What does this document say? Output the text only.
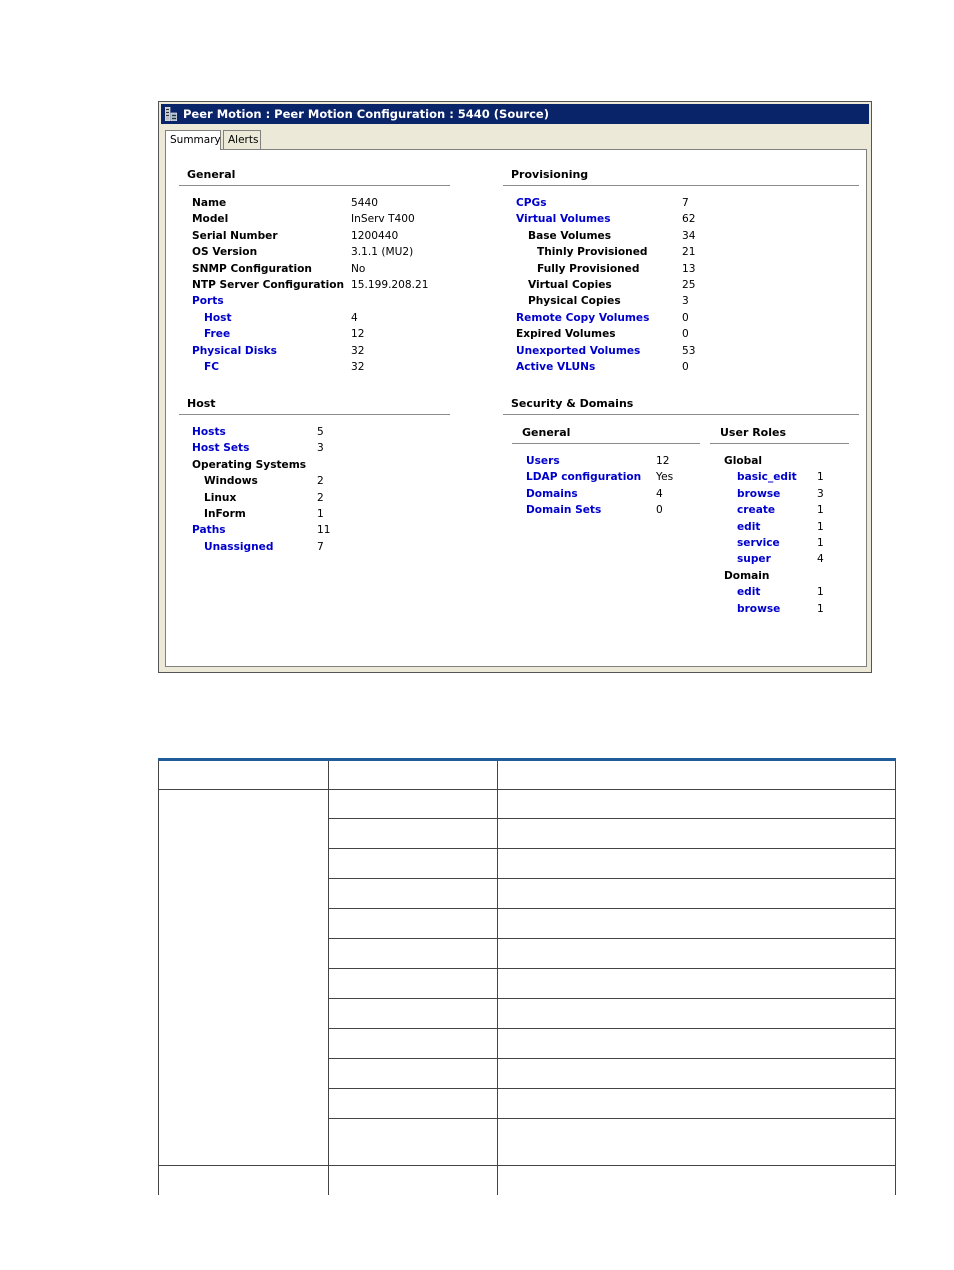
Peer Motion : Peer Motion Configuration : 5440 (Source)
Summary Alerts
General
Name	5440
Model	InServ T400
Serial Number	1200440
OS Version	3.1.1 (MU2)
SNMP Configuration	No
NTP Server Configuration 15.199.208.21
Ports
Host	4
Free	12
Physical Disks	32
FC	32
Host
Hosts	5
Host Sets	3
Operating Systems
Windows	2
Linux	2
InForm	1
Paths	11
Unassigned	7
Provisioning
CPGs	7
Virtual Volumes	62
Base Volumes	34
Thinly Provisioned	21
Fully Provisioned	13
Virtual Copies	25
Physical Copies	3
Remote Copy Volumes	0
Expired Volumes	0
Unexported Volumes	53
Active VLUNs	0
Security & Domains
General
Users	12
LDAP configuration Yes
Domains	4
Domain Sets	0
User Roles
Global
basic_edit 1
browse	3
create	1
edit	1
service	1
super	4
Domain
edit	1
browse	1
